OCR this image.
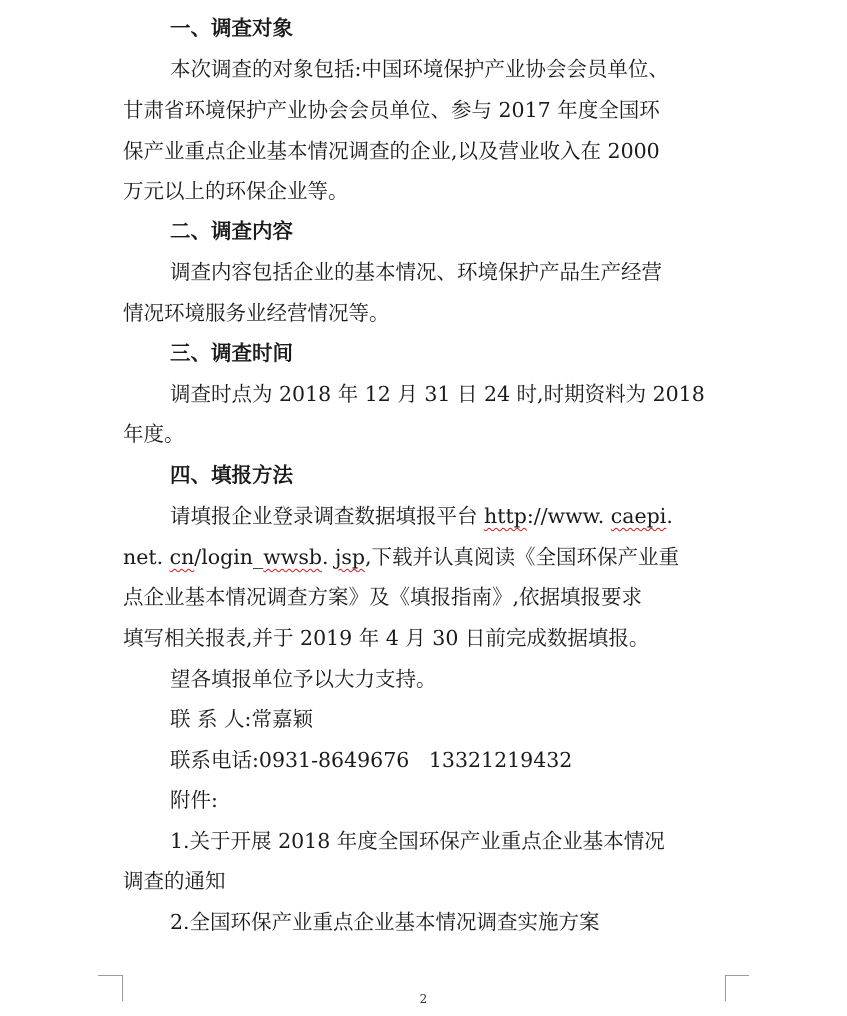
一、调查对象
本次调查的对象包括:中国环境保护产业协会会员单位、
甘肃省环境保护产业协会会员单位、参与 2017 年度全国环
保产业重点企业基本情况调查的企业,以及营业收入在 2000
万元以上的环保企业等。
二、调查内容
调查内容包括企业的基本情况、环境保护产品生产经营
情况环境服务业经营情况等。
三、调查时间
调查时点为 2018 年 12 月 31 日 24 时,时期资料为 2018
年度。
四、填报方法
请填报企业登录调查数据填报平台 http://www. caepi.
net. cn/login_wwsb. jsp,下载并认真阅读《全国环保产业重
点企业基本情况调查方案》及《填报指南》,依据填报要求
填写相关报表,并于 2019 年 4 月 30 日前完成数据填报。
望各填报单位予以大力支持。
联 系 人:常嘉颖
联系电话:0931-8649676   13321219432
附件:
1.关于开展 2018 年度全国环保产业重点企业基本情况
调查的通知
2.全国环保产业重点企业基本情况调查实施方案
2
